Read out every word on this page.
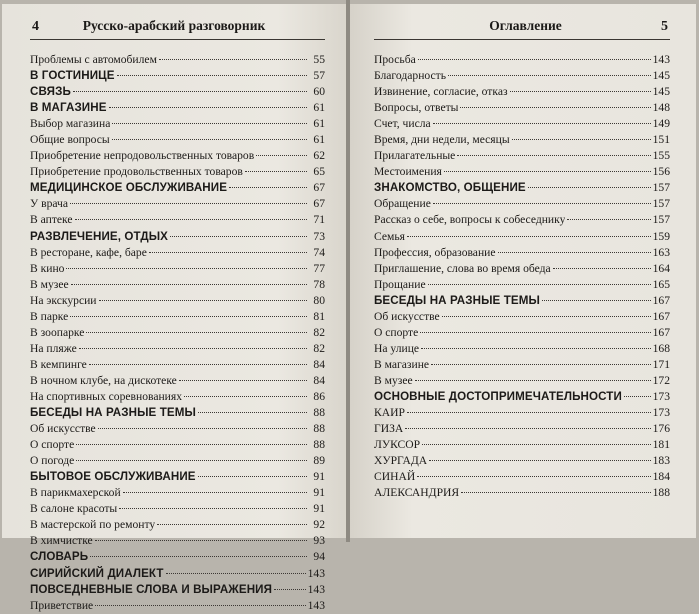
4	Русско-арабский разговорник
Проблемы с автомобилем	55
В ГОСТИНИЦЕ	57
СВЯЗЬ	60
В МАГАЗИНЕ	61
Выбор магазина	61
Общие вопросы	61
Приобретение непродовольственных товаров	62
Приобретение продовольственных товаров	65
МЕДИЦИНСКОЕ ОБСЛУЖИВАНИЕ	67
У врача	67
В аптеке	71
РАЗВЛЕЧЕНИЕ, ОТДЫХ	73
В ресторане, кафе, баре	74
В кино	77
В музее	78
На экскурсии	80
В парке	81
В зоопарке	82
На пляже	82
В кемпинге	84
В ночном клубе, на дискотеке	84
На спортивных соревнованиях	86
БЕСЕДЫ НА РАЗНЫЕ ТЕМЫ	88
Об искусстве	88
О спорте	88
О погоде	89
БЫТОВОЕ ОБСЛУЖИВАНИЕ	91
В парикмахерской	91
В салоне красоты	91
В мастерской по ремонту	92
В химчистке	93
СЛОВАРЬ	94
СИРИЙСКИЙ ДИАЛЕКТ	143
ПОВСЕДНЕВНЫЕ СЛОВА И ВЫРАЖЕНИЯ	143
Приветствие	143
Оглавление	5
Просьба	143
Благодарность	145
Извинение, согласие, отказ	145
Вопросы, ответы	148
Счет, числа	149
Время, дни недели, месяцы	151
Прилагательные	155
Местоимения	156
ЗНАКОМСТВО, ОБЩЕНИЕ	157
Обращение	157
Рассказ о себе, вопросы к собеседнику	157
Семья	159
Профессия, образование	163
Приглашение, слова во время обеда	164
Прощание	165
БЕСЕДЫ НА РАЗНЫЕ ТЕМЫ	167
Об искусстве	167
О спорте	167
На улице	168
В магазине	171
В музее	172
ОСНОВНЫЕ ДОСТОПРИМЕЧАТЕЛЬНОСТИ	173
КАИР	173
ГИЗА	176
ЛУКСОР	181
ХУРГАДА	183
СИНАЙ	184
АЛЕКСАНДРИЯ	188
